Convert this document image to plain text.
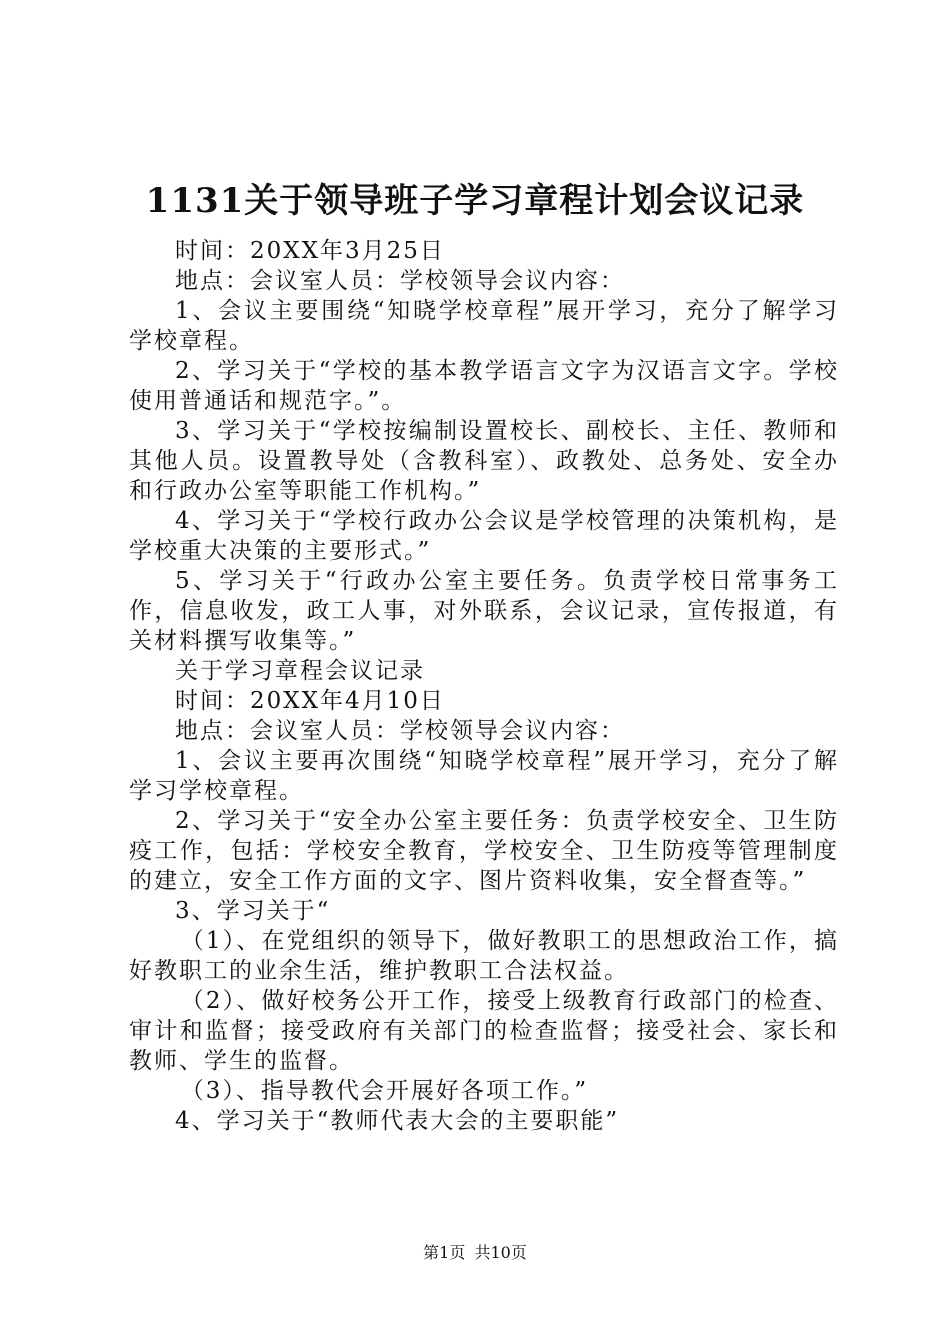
1131关于领导班子学习章程计划会议记录

时间：20XX年3月25日

地点：会议室人员：学校领导会议内容：

1、会议主要围绕“知晓学校章程”展开学习，充分了解学习学校章程。

2、学习关于“学校的基本教学语言文字为汉语言文字。学校使用普通话和规范字。”。

3、学习关于“学校按编制设置校长、副校长、主任、教师和其他人员。设置教导处（含教科室）、政教处、总务处、安全办和行政办公室等职能工作机构。”

4、学习关于“学校行政办公会议是学校管理的决策机构，是学校重大决策的主要形式。”

5、学习关于“行政办公室主要任务。负责学校日常事务工作，信息收发，政工人事，对外联系，会议记录，宣传报道，有关材料撰写收集等。”

关于学习章程会议记录

时间：20XX年4月10日

地点：会议室人员：学校领导会议内容：

1、会议主要再次围绕“知晓学校章程”展开学习，充分了解学习学校章程。

2、学习关于“安全办公室主要任务：负责学校安全、卫生防疫工作，包括：学校安全教育，学校安全、卫生防疫等管理制度的建立，安全工作方面的文字、图片资料收集，安全督查等。”

3、学习关于“

（1）、在党组织的领导下，做好教职工的思想政治工作，搞好教职工的业余生活，维护教职工合法权益。

（2）、做好校务公开工作，接受上级教育行政部门的检查、审计和监督；接受政府有关部门的检查监督；接受社会、家长和教师、学生的监督。

（3）、指导教代会开展好各项工作。”

4、学习关于“教师代表大会的主要职能”

第1页 共10页
